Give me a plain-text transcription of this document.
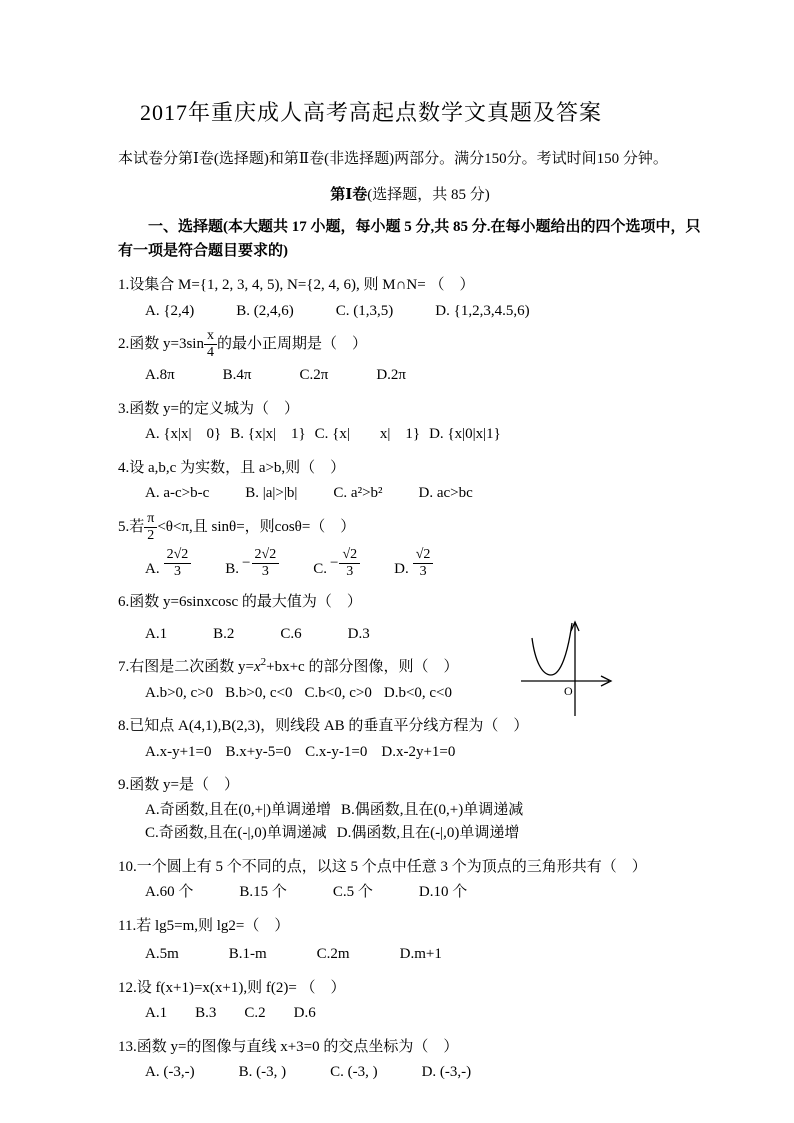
2017年重庆成人高考高起点数学文真题及答案

本试卷分第Ⅰ卷(选择题)和第Ⅱ卷(非选择题)两部分。满分150分。考试时间150 分钟。

第Ⅰ卷(选择题，共 85 分)

一、选择题(本大题共 17 小题，每小题 5 分,共 85 分.在每小题给出的四个选项中，只有一项是符合题目要求的)

1.设集合 M={1, 2, 3, 4, 5), N={2, 4, 6), 则 M∩N= （　）
A. {2,4)	B. (2,4,6)	C. (1,3,5)	D. {1,2,3,4.5,6)
2.函数 $y=3\sin \frac{x}{4}$ 的最小正周期是（　）
A.8π	B.4π	C.2π	D.2π
3.函数 y=的定义城为（　）
A. {x|x|　0} B. {x|x|　1} C. {x|　　x|　1} D. {x|0|x|1}
4.设 a,b,c 为实数，且 a>b,则（　）
A. a-c>b-c B. |a|>|b| C. a²>b² D. ac>bc
5.若 $\frac{\pi}{2} <\theta<\pi$,且 sinθ=，则cosθ=（　）
A. $\frac{2√2}{3} B$. − $\frac{2√2}{3} C$. − $\frac{√2}{3} D$. $\frac{√2}{3}$
6.函数 y=6sinxcosc 的最大值为（　）
A.1	B.2	C.6	D.3
7.右图是二次函数 $y=x^2+bx+c$ 的部分图像，则（　）
A.b>0, c>0 B.b>0, c<0 C.b<0, c>0 D.b<0, c<0	O
8.已知点 A(4,1),B(2,3)，则线段 AB 的垂直平分线方程为（　）
A.x-y+1=0 B.x+y-5=0 C.x-y-1=0 D.x-2y+1=0
9.函数 y=是（　）
A.奇函数,且在(0,+|)单调递增 B.偶函数,且在(0,+)单调递减
C.奇函数,且在(-|,0)单调递减 D.偶函数,且在(-|,0)单调递增
10.一个圆上有 5 个不同的点，以这 5 个点中任意 3 个为顶点的三角形共有（　）
A.60 个	B.15 个	C.5 个	D.10 个
11.若 lg5=m,则 lg2=（　）
A.5m	B.1-m	C.2m	D.m+1
12.设 f(x+1)=x(x+1),则 f(2)= （　）
A.1 B.3 C.2 D.6
13.函数 y=的图像与直线 x+3=0 的交点坐标为（　）
A. (-3,-)	B. (-3, )	C. (-3, )	D. (-3,-)
